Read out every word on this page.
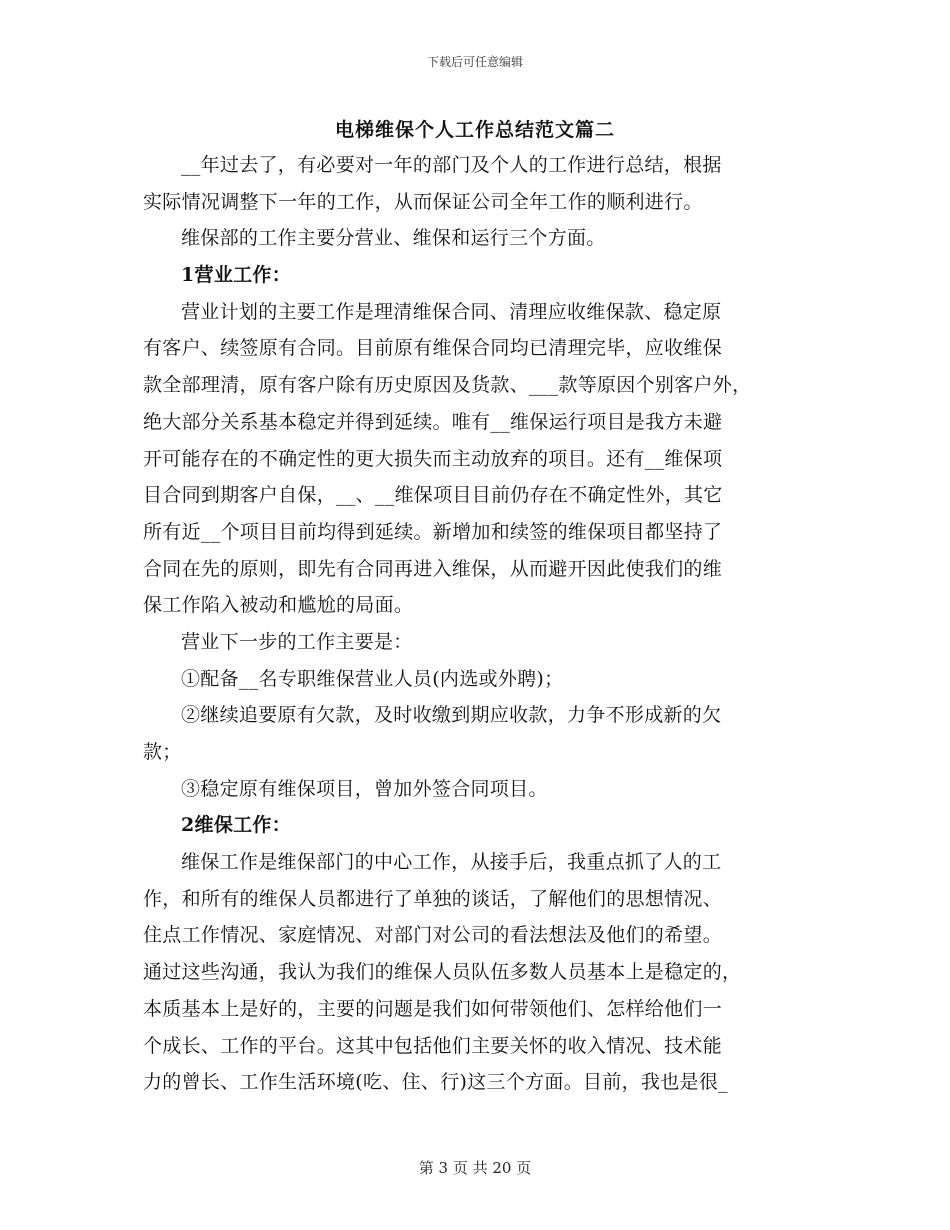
下载后可任意编辑
电梯维保个人工作总结范文篇二
__年过去了，有必要对一年的部门及个人的工作进行总结，根据
实际情况调整下一年的工作，从而保证公司全年工作的顺利进行。
维保部的工作主要分营业、维保和运行三个方面。
1营业工作：
营业计划的主要工作是理清维保合同、清理应收维保款、稳定原
有客户、续签原有合同。目前原有维保合同均已清理完毕，应收维保
款全部理清，原有客户除有历史原因及货款、___款等原因个别客户外，
绝大部分关系基本稳定并得到延续。唯有__维保运行项目是我方未避
开可能存在的不确定性的更大损失而主动放弃的项目。还有__维保项
目合同到期客户自保，__、__维保项目目前仍存在不确定性外，其它
所有近__个项目目前均得到延续。新增加和续签的维保项目都坚持了
合同在先的原则，即先有合同再进入维保，从而避开因此使我们的维
保工作陷入被动和尴尬的局面。
营业下一步的工作主要是：
①配备__名专职维保营业人员(内选或外聘)；
②继续追要原有欠款，及时收缴到期应收款，力争不形成新的欠
款；
③稳定原有维保项目，曾加外签合同项目。
2维保工作：
维保工作是维保部门的中心工作，从接手后，我重点抓了人的工
作，和所有的维保人员都进行了单独的谈话，了解他们的思想情况、
住点工作情况、家庭情况、对部门对公司的看法想法及他们的希望。
通过这些沟通，我认为我们的维保人员队伍多数人员基本上是稳定的，
本质基本上是好的，主要的问题是我们如何带领他们、怎样给他们一
个成长、工作的平台。这其中包括他们主要关怀的收入情况、技术能
力的曾长、工作生活环境(吃、住、行)这三个方面。目前，我也是很_
第 3 页 共 20 页
